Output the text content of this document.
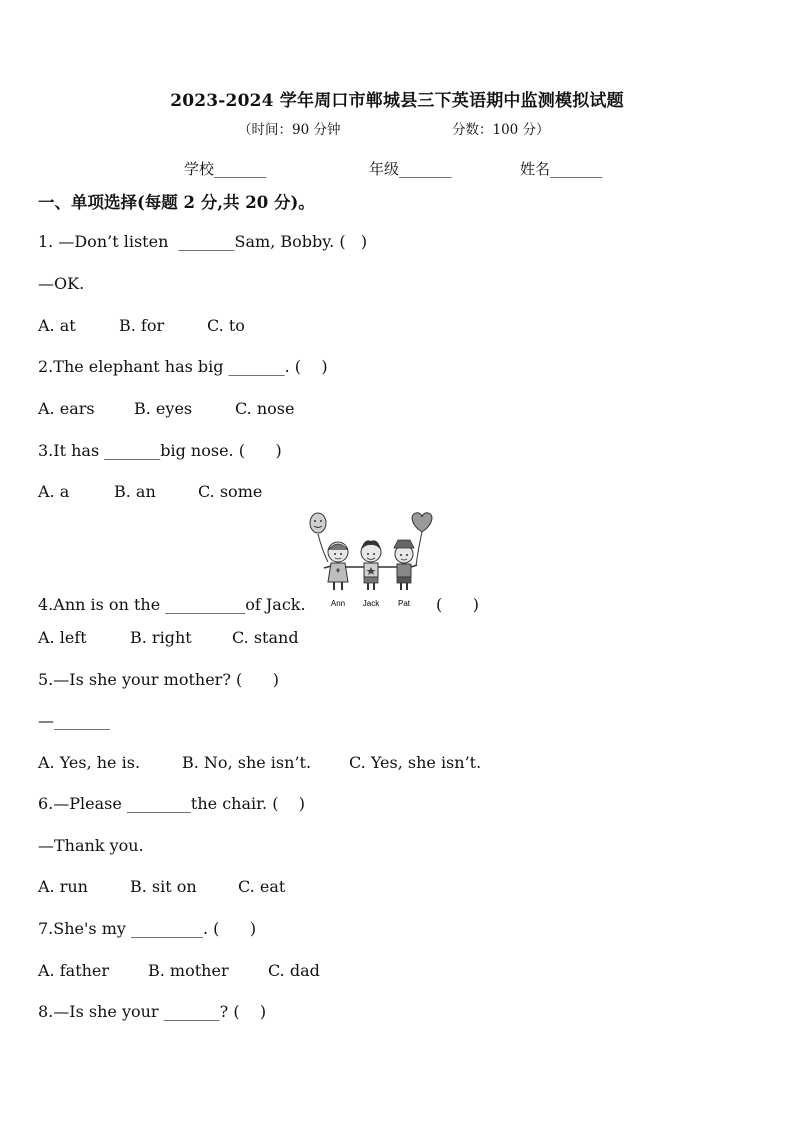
2023-2024 学年周口市郸城县三下英语期中监测模拟试题
（时间：90 分钟	分数：100 分）
学校_______	年级_______	姓名_______
一、单项选择(每题 2 分,共 20 分)。
1. —Don’t listen  _______Sam, Bobby. (   )
—OK.
A. at	B. for	C. to
2.The elephant has big _______. (    )
A. ears B. eyes	C. nose
3.It has _______big nose. (      )
A. a	B. an	C. some
Ann Jack Pat
4.Ann is on the __________of Jack.	(      )
A. left	B. right	C. stand
5.—Is she your mother? (      )
—_______
A. Yes, he is.	B. No, she isn’t. C. Yes, she isn’t.
6.—Please ________the chair. (    )
—Thank you.
A. run	B. sit on	C. eat
7.She's my _________. (      )
A. father B. mother C. dad
8.—Is she your _______? (    )
